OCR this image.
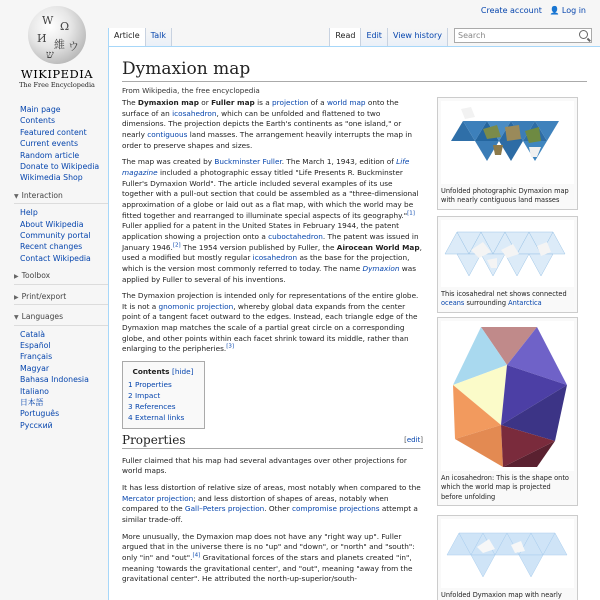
Create account 👤 Log in
W Ω
И 維 ウ
ש
WIKIPEDIA
The Free Encyclopedia
Main page
Contents
Featured content
Current events
Random article
Donate to Wikipedia
Wikimedia Shop
▼ Interaction
Help
About Wikipedia
Community portal
Recent changes
Contact Wikipedia
▶ Toolbox
▶ Print/export
▼ Languages
Català
Español
Français
Magyar
Bahasa Indonesia
Italiano
日本語
Português
Русский
Article	Talk	Read	Edit	View history	Search
Dymaxion map
From Wikipedia, the free encyclopedia

The Dymaxion map or Fuller map is a projection of a world map onto the surface of an icosahedron, which can be unfolded and flattened to two dimensions. The projection depicts the Earth's continents as "one island," or nearly contiguous land masses. The arrangement heavily interrupts the map in order to preserve shapes and sizes.

The map was created by Buckminster Fuller. The March 1, 1943, edition of Life magazine included a photographic essay titled "Life Presents R. Buckminster Fuller's Dymaxion World". The article included several examples of its use together with a pull-out section that could be assembled as a "three-dimensional approximation of a globe or laid out as a flat map, with which the world may be fitted together and rearranged to illuminate special aspects of its geography."[1] Fuller applied for a patent in the United States in February 1944, the patent application showing a projection onto a cuboctahedron. The patent was issued in January 1946.[2] The 1954 version published by Fuller, the Airocean World Map, used a modified but mostly regular icosahedron as the base for the projection, which is the version most commonly referred to today. The name Dymaxion was applied by Fuller to several of his inventions.

The Dymaxion projection is intended only for representations of the entire globe. It is not a gnomonic projection, whereby global data expands from the center point of a tangent facet outward to the edges. Instead, each triangle edge of the Dymaxion map matches the scale of a partial great circle on a corresponding globe, and other points within each facet shrink toward its middle, rather than enlarging to the peripheries.[3]

Contents [hide]
1 Properties
2 Impact
3 References
4 External links
Properties	[edit]

Fuller claimed that his map had several advantages over other projections for world maps.

It has less distortion of relative size of areas, most notably when compared to the Mercator projection; and less distortion of shapes of areas, notably when compared to the Gall–Peters projection. Other compromise projections attempt a similar trade-off.

More unusually, the Dymaxion map does not have any "right way up". Fuller argued that in the universe there is no "up" and "down", or "north" and "south": only "in" and "out".[4] Gravitational forces of the stars and planets created "in", meaning 'towards the gravitational center', and "out", meaning "away from the gravitational center". He attributed the north-up-superior/south-

Unfolded photographic Dymaxion map with nearly contiguous land masses
This icosahedral net shows connected oceans surrounding Antarctica
An icosahedron: This is the shape onto which the world map is projected before unfolding
Unfolded Dymaxion map with nearly
